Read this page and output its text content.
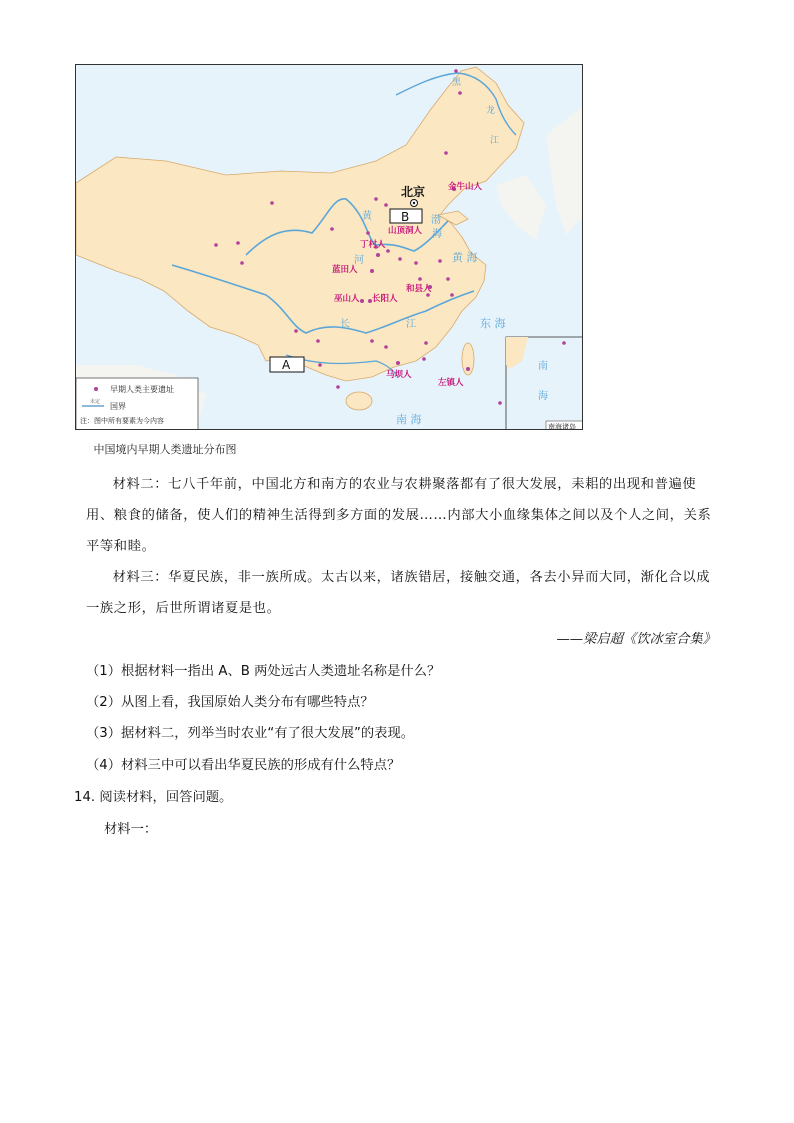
南
海
南海诸岛
黄 海
东 海
南 海
渤
海
黑
龙
江
黄
河
长	江
金牛山人
山顶洞人
丁村人
蓝田人
巫山人 长阳人
和县人
马坝人
左镇人
北京
B
A
早期人类主要遗址
未定 国界
注：图中所有要素为今内容
中国境内早期人类遗址分布图

材料二：七八千年前，中国北方和南方的农业与农耕聚落都有了很大发展，耒耜的出现和普遍使用、粮食的储备，使人们的精神生活得到多方面的发展……内部大小血缘集体之间以及个人之间，关系平等和睦。

材料三：华夏民族，非一族所成。太古以来，诸族错居，接触交通，各去小异而大同，渐化合以成一族之形，后世所谓诸夏是也。

——梁启超《饮冰室合集》
（1）根据材料一指出 A、B 两处远古人类遗址名称是什么？
（2）从图上看，我国原始人类分布有哪些特点？
（3）据材料二，列举当时农业“有了很大发展”的表现。
（4）材料三中可以看出华夏民族的形成有什么特点？
14. 阅读材料，回答问题。
材料一：
